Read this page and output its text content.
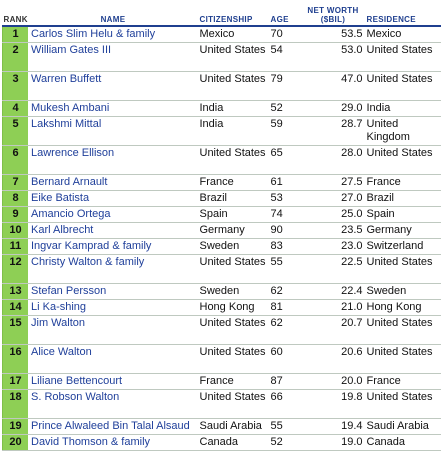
RANK	NAME	CITIZENSHIP	AGE	NET WORTH ($BIL)	RESIDENCE
1	Carlos Slim Helu & family	Mexico	70	53.5	Mexico
2	William Gates III	United States	54	53.0	United States
3	Warren Buffett	United States	79	47.0	United States
4	Mukesh Ambani	India	52	29.0	India
5	Lakshmi Mittal	India	59	28.7	United Kingdom
6	Lawrence Ellison	United States	65	28.0	United States
7	Bernard Arnault	France	61	27.5	France
8	Eike Batista	Brazil	53	27.0	Brazil
9	Amancio Ortega	Spain	74	25.0	Spain
10	Karl Albrecht	Germany	90	23.5	Germany
11	Ingvar Kamprad & family	Sweden	83	23.0	Switzerland
12	Christy Walton & family	United States	55	22.5	United States
13	Stefan Persson	Sweden	62	22.4	Sweden
14	Li Ka-shing	Hong Kong	81	21.0	Hong Kong
15	Jim Walton	United States	62	20.7	United States
16	Alice Walton	United States	60	20.6	United States
17	Liliane Bettencourt	France	87	20.0	France
18	S. Robson Walton	United States	66	19.8	United States
19	Prince Alwaleed Bin Talal Alsaud	Saudi Arabia	55	19.4	Saudi Arabia
20	David Thomson & family	Canada	52	19.0	Canada
